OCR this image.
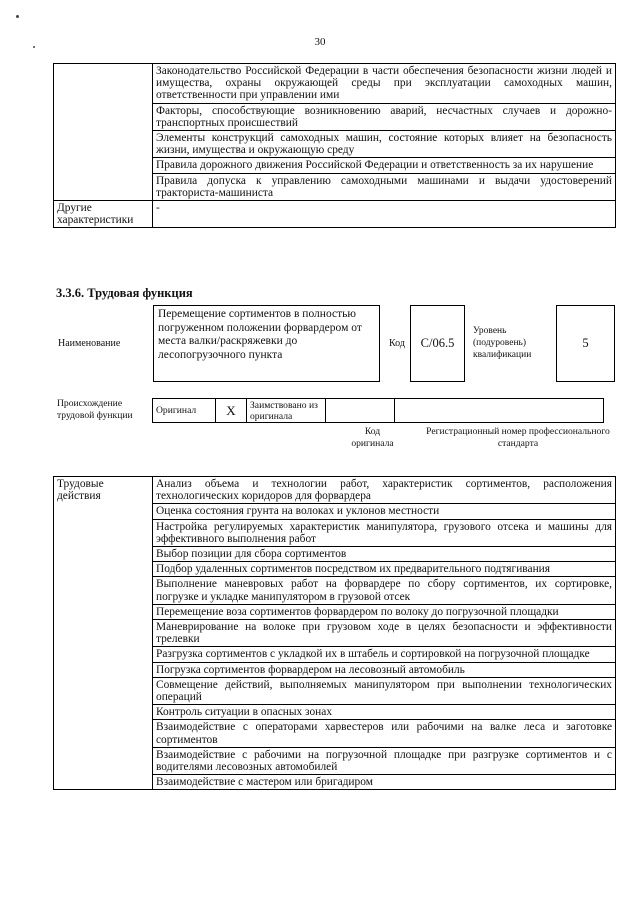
30
	Законодательство Российской Федерации в части обеспечения безопасности жизни людей и имущества, охраны окружающей среды при эксплуатации самоходных машин, ответственности при управлении ими
	Факторы, способствующие возникновению аварий, несчастных случаев и дорожно-транспортных происшествий
	Элементы конструкций самоходных машин, состояние которых влияет на безопасность жизни, имущества и окружающую среду
	Правила дорожного движения Российской Федерации и ответственность за их нарушение
	Правила допуска к управлению самоходными машинами и выдачи удостоверений тракториста-машиниста
Другие характеристики	-
3.3.6. Трудовая функция
Наименование
Перемещение сортиментов в полностью погруженном положении форвардером от места валки/раскряжевки до лесопогрузочного пункта
Код	C/06.5
Уровень (подуровень) квалификации
5
Происхождение трудовой функции	Оригинал	X	Заимствовано из оригинала		
Код оригинала
Регистрационный номер профессионального стандарта
Трудовые действия	Анализ объема и технологии работ, характеристик сортиментов, расположения технологических коридоров для форвардера
Оценка состояния грунта на волоках и уклонов местности
Настройка регулируемых характеристик манипулятора, грузового отсека и машины для эффективного выполнения работ
Выбор позиции для сбора сортиментов
Подбор удаленных сортиментов посредством их предварительного подтягивания
Выполнение маневровых работ на форвардере по сбору сортиментов, их сортировке, погрузке и укладке манипулятором в грузовой отсек
Перемещение воза сортиментов форвардером по волоку до погрузочной площадки
Маневрирование на волоке при грузовом ходе в целях безопасности и эффективности трелевки
Разгрузка сортиментов с укладкой их в штабель и сортировкой на погрузочной площадке
Погрузка сортиментов форвардером на лесовозный автомобиль
Совмещение действий, выполняемых манипулятором при выполнении технологических операций
Контроль ситуации в опасных зонах
Взаимодействие с операторами харвестеров или рабочими на валке леса и заготовке сортиментов
Взаимодействие с рабочими на погрузочной площадке при разгрузке сортиментов и с водителями лесовозных автомобилей
Взаимодействие с мастером или бригадиром
